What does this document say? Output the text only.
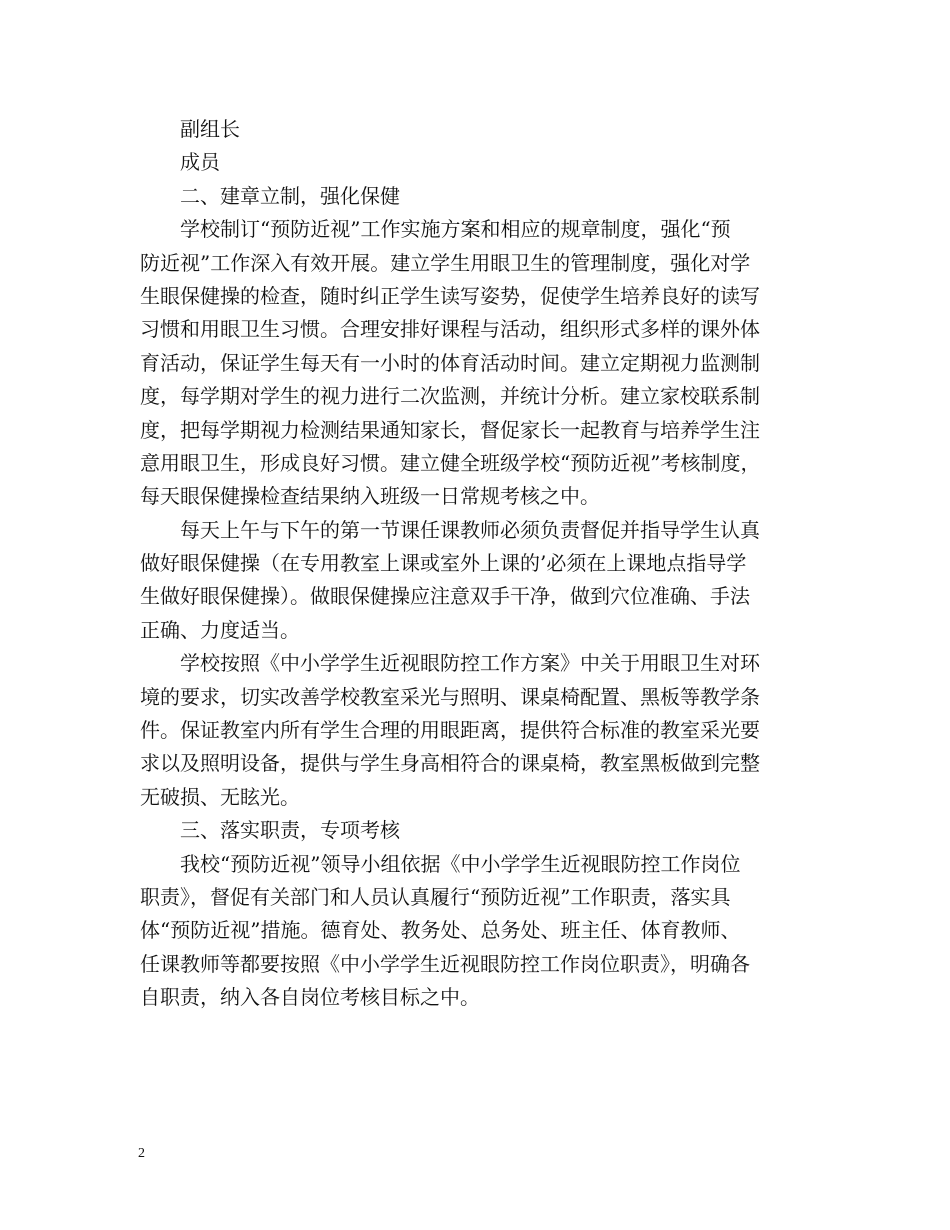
副组长
成员
二、建章立制，强化保健
学校制订“预防近视”工作实施方案和相应的规章制度，强化“预
防近视”工作深入有效开展。建立学生用眼卫生的管理制度，强化对学
生眼保健操的检查，随时纠正学生读写姿势，促使学生培养良好的读写
习惯和用眼卫生习惯。合理安排好课程与活动，组织形式多样的课外体
育活动，保证学生每天有一小时的体育活动时间。建立定期视力监测制
度，每学期对学生的视力进行二次监测，并统计分析。建立家校联系制
度，把每学期视力检测结果通知家长，督促家长一起教育与培养学生注
意用眼卫生，形成良好习惯。建立健全班级学校“预防近视”考核制度，
每天眼保健操检查结果纳入班级一日常规考核之中。
每天上午与下午的第一节课任课教师必须负责督促并指导学生认真
做好眼保健操（在专用教室上课或室外上课的’必须在上课地点指导学
生做好眼保健操）。做眼保健操应注意双手干净，做到穴位准确、手法
正确、力度适当。
学校按照《中小学学生近视眼防控工作方案》中关于用眼卫生对环
境的要求，切实改善学校教室采光与照明、课桌椅配置、黑板等教学条
件。保证教室内所有学生合理的用眼距离，提供符合标准的教室采光要
求以及照明设备，提供与学生身高相符合的课桌椅，教室黑板做到完整
无破损、无眩光。
三、落实职责，专项考核
我校“预防近视”领导小组依据《中小学学生近视眼防控工作岗位
职责》，督促有关部门和人员认真履行“预防近视”工作职责，落实具
体“预防近视”措施。德育处、教务处、总务处、班主任、体育教师、
任课教师等都要按照《中小学学生近视眼防控工作岗位职责》，明确各
自职责，纳入各自岗位考核目标之中。
2
